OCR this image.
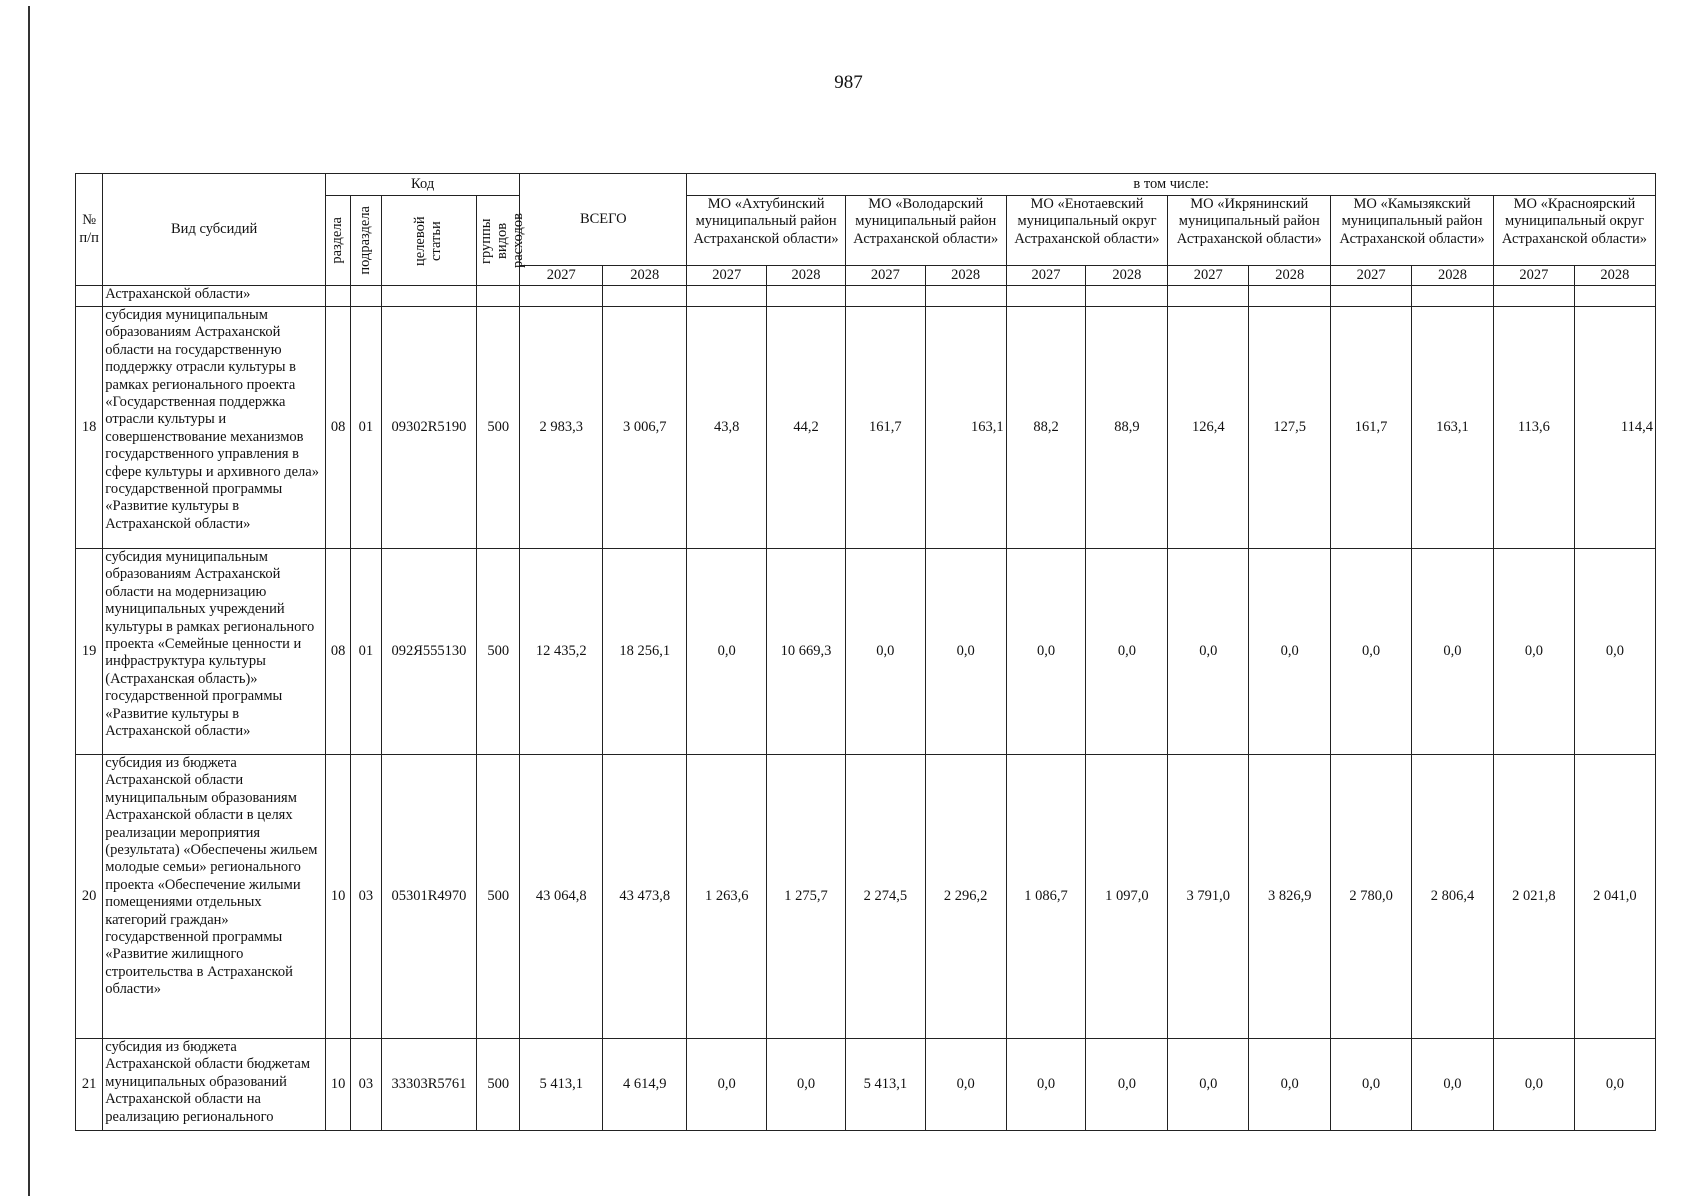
987
№ п/п	Вид субсидий	Код				ВСЕГО		в том числе:											

		раздела	подраздела	целевой статьи	группы видов расходов			МО «Ахтубинский муниципальный район Астраханской области»		МО «Володарский муниципальный район Астраханской области»		МО «Енотаевский муниципальный округ Астраханской области»		МО «Икрянинский муниципальный район Астраханской области»		МО «Камызякский муниципальный район Астраханской области»		МО «Красноярский муниципальный округ Астраханской области»	
						2027	2028	2027	2028	2027	2028	2027	2028	2027	2028	2027	2028	2027	2028
	Астраханской области»																		
18	субсидия муниципальным образованиям Астраханской области на государственную поддержку отрасли культуры в рамках регионального проекта «Государственная поддержка отрасли культуры и совершенствование механизмов государственного управления в сфере культуры и архивного дела» государственной программы «Развитие культуры в Астраханской области»	08	01	09302R5190	500	2 983,3	3 006,7	43,8	44,2	161,7	163,1	88,2	88,9	126,4	127,5	161,7	163,1	113,6	114,4
19	субсидия муниципальным образованиям Астраханской области на модернизацию муниципальных учреждений культуры в рамках регионального проекта «Семейные ценности и инфраструктура культуры (Астраханская область)» государственной программы «Развитие культуры в Астраханской области»	08	01	092Я555130	500	12 435,2	18 256,1	0,0	10 669,3	0,0	0,0	0,0	0,0	0,0	0,0	0,0	0,0	0,0	0,0
20	субсидия из бюджета Астраханской области муниципальным образованиям Астраханской области в целях реализации мероприятия (результата) «Обеспечены жильем молодые семьи» регионального проекта «Обеспечение жилыми помещениями отдельных категорий граждан» государственной программы «Развитие жилищного строительства в Астраханской области»	10	03	05301R4970	500	43 064,8	43 473,8	1 263,6	1 275,7	2 274,5	2 296,2	1 086,7	1 097,0	3 791,0	3 826,9	2 780,0	2 806,4	2 021,8	2 041,0
21	субсидия из бюджета Астраханской области бюджетам муниципальных образований Астраханской области на реализацию регионального	10	03	33303R5761	500	5 413,1	4 614,9	0,0	0,0	5 413,1	0,0	0,0	0,0	0,0	0,0	0,0	0,0	0,0	0,0
